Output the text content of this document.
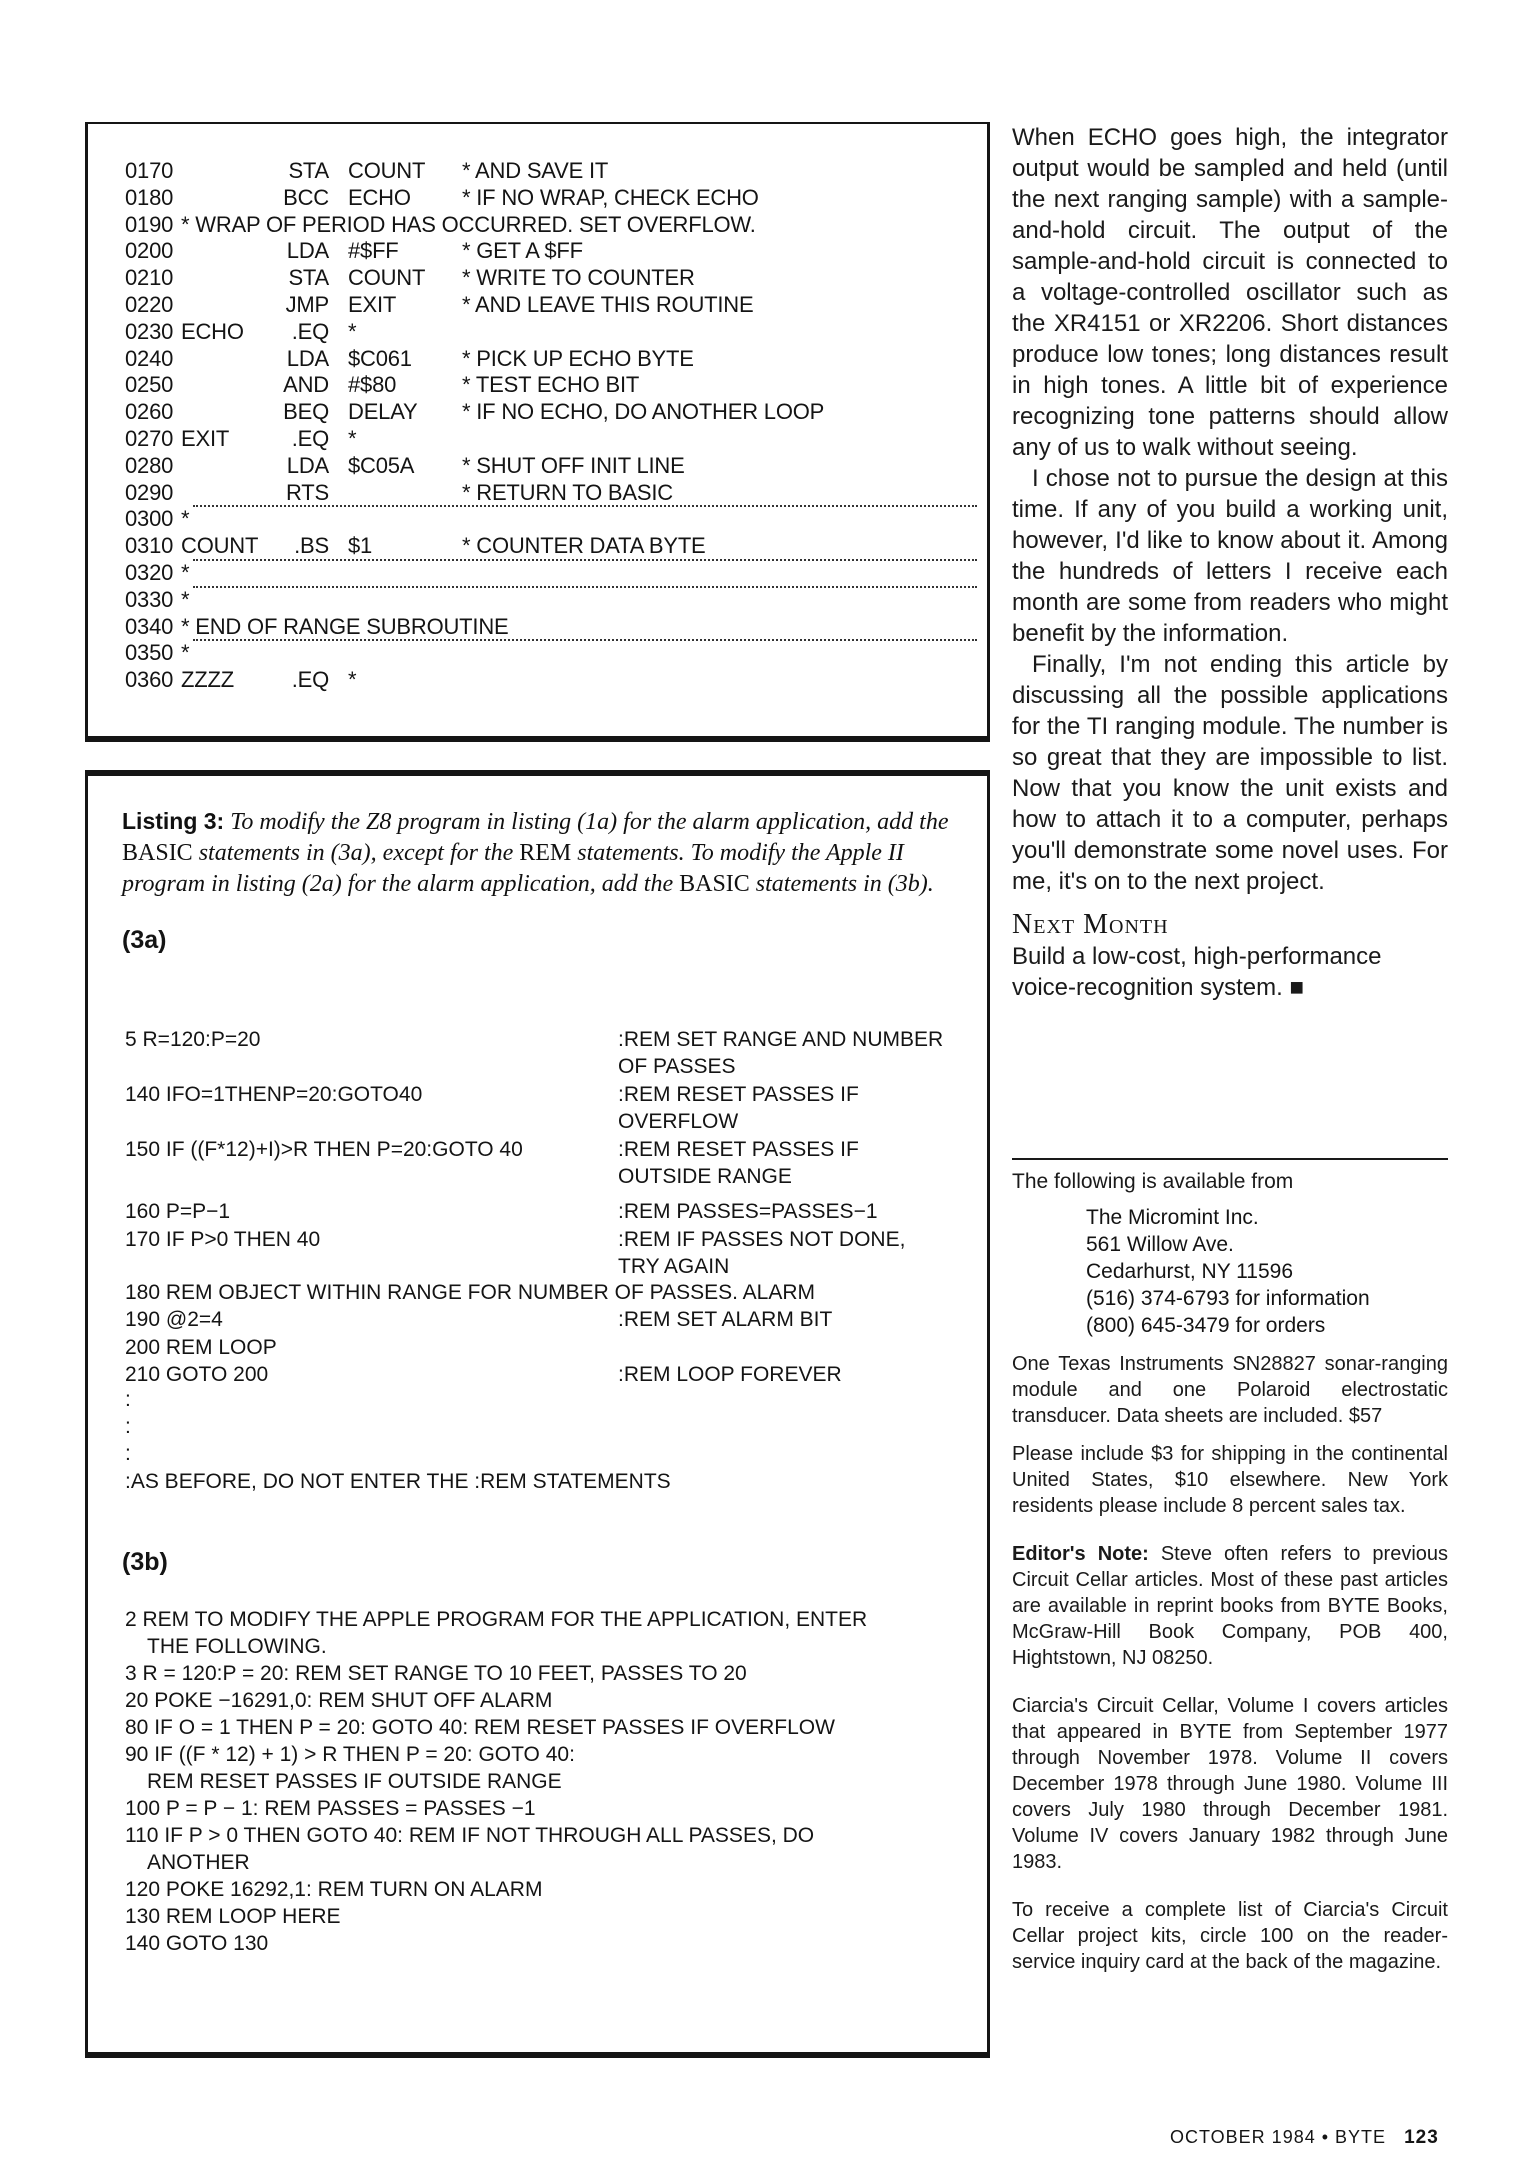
0170	STA COUNT * AND SAVE IT
0180	BCC ECHO * IF NO WRAP, CHECK ECHO
0190 * WRAP OF PERIOD HAS OCCURRED. SET OVERFLOW.
0200	LDA #$FF	* GET A $FF
0210	STA COUNT * WRITE TO COUNTER
0220	JMP EXIT	* AND LEAVE THIS ROUTINE
0230 ECHO	.EQ *
0240	LDA $C061 * PICK UP ECHO BYTE
0250	AND #$80	* TEST ECHO BIT
0260	BEQ DELAY * IF NO ECHO, DO ANOTHER LOOP
0270 EXIT	.EQ *
0280	LDA $C05A * SHUT OFF INIT LINE
0290	RTS	* RETURN TO BASIC
0300 *
0310 COUNT	.BS $1	* COUNTER DATA BYTE
0320 *
0330 *
0340 * END OF RANGE SUBROUTINE
0350 *
0360 ZZZZ	.EQ *
Listing 3: To modify the Z8 program in listing (1a) for the alarm application, add the BASIC statements in (3a), except for the REM statements. To modify the Apple II program in listing (2a) for the alarm application, add the BASIC statements in (3b).
(3a)
5 R=120:P=20	:REM SET RANGE AND NUMBER OF PASSES
140 IFO=1THENP=20:GOTO40	:REM RESET PASSES IF OVERFLOW
150 IF ((F*12)+I)>R THEN P=20:GOTO 40	:REM RESET PASSES IF OUTSIDE RANGE
160 P=P−1	:REM PASSES=PASSES−1
170 IF P>0 THEN 40	:REM IF PASSES NOT DONE, TRY AGAIN
180 REM OBJECT WITHIN RANGE FOR NUMBER OF PASSES. ALARM
190 @2=4	:REM SET ALARM BIT
200 REM LOOP
210 GOTO 200	:REM LOOP FOREVER
:
:
:
:AS BEFORE, DO NOT ENTER THE :REM STATEMENTS
(3b)
2 REM TO MODIFY THE APPLE PROGRAM FOR THE APPLICATION, ENTER
THE FOLLOWING.
3 R = 120:P = 20: REM SET RANGE TO 10 FEET, PASSES TO 20
20 POKE −16291,0: REM SHUT OFF ALARM
80 IF O = 1 THEN P = 20: GOTO 40: REM RESET PASSES IF OVERFLOW
90 IF ((F * 12) + 1) > R THEN P = 20: GOTO 40:
REM RESET PASSES IF OUTSIDE RANGE
100 P = P − 1: REM PASSES = PASSES −1
110 IF P > 0 THEN GOTO 40: REM IF NOT THROUGH ALL PASSES, DO
ANOTHER
120 POKE 16292,1: REM TURN ON ALARM
130 REM LOOP HERE
140 GOTO 130

When ECHO goes high, the integrator output would be sampled and held (until the next ranging sample) with a sample-and-hold circuit. The output of the sample-and-hold circuit is connected to a voltage-controlled oscillator such as the XR4151 or XR2206. Short distances produce low tones; long distances result in high tones. A little bit of experience recognizing tone patterns should allow any of us to walk without seeing.

I chose not to pursue the design at this time. If any of you build a working unit, however, I'd like to know about it. Among the hundreds of letters I receive each month are some from readers who might benefit by the information.

Finally, I'm not ending this article by discussing all the possible applications for the TI ranging module. The number is so great that they are impossible to list. Now that you know the unit exists and how to attach it to a computer, perhaps you'll demonstrate some novel uses. For me, it's on to the next project.

Next Month

Build a low-cost, high-performance voice-recognition system. ■

The following is available from

The Micromint Inc.
561 Willow Ave.
Cedarhurst, NY 11596
(516) 374-6793 for information
(800) 645-3479 for orders

One Texas Instruments SN28827 sonar-ranging module and one Polaroid electrostatic transducer. Data sheets are included. $57

Please include $3 for shipping in the continental United States, $10 elsewhere. New York residents please include 8 percent sales tax.

Editor's Note: Steve often refers to previous Circuit Cellar articles. Most of these past articles are available in reprint books from BYTE Books, McGraw-Hill Book Company, POB 400, Hightstown, NJ 08250.

Ciarcia's Circuit Cellar, Volume I covers articles that appeared in BYTE from September 1977 through November 1978. Volume II covers December 1978 through June 1980. Volume III covers July 1980 through December 1981. Volume IV covers January 1982 through June 1983.

To receive a complete list of Ciarcia's Circuit Cellar project kits, circle 100 on the reader-service inquiry card at the back of the magazine.

OCTOBER 1984 • BYTE 123
